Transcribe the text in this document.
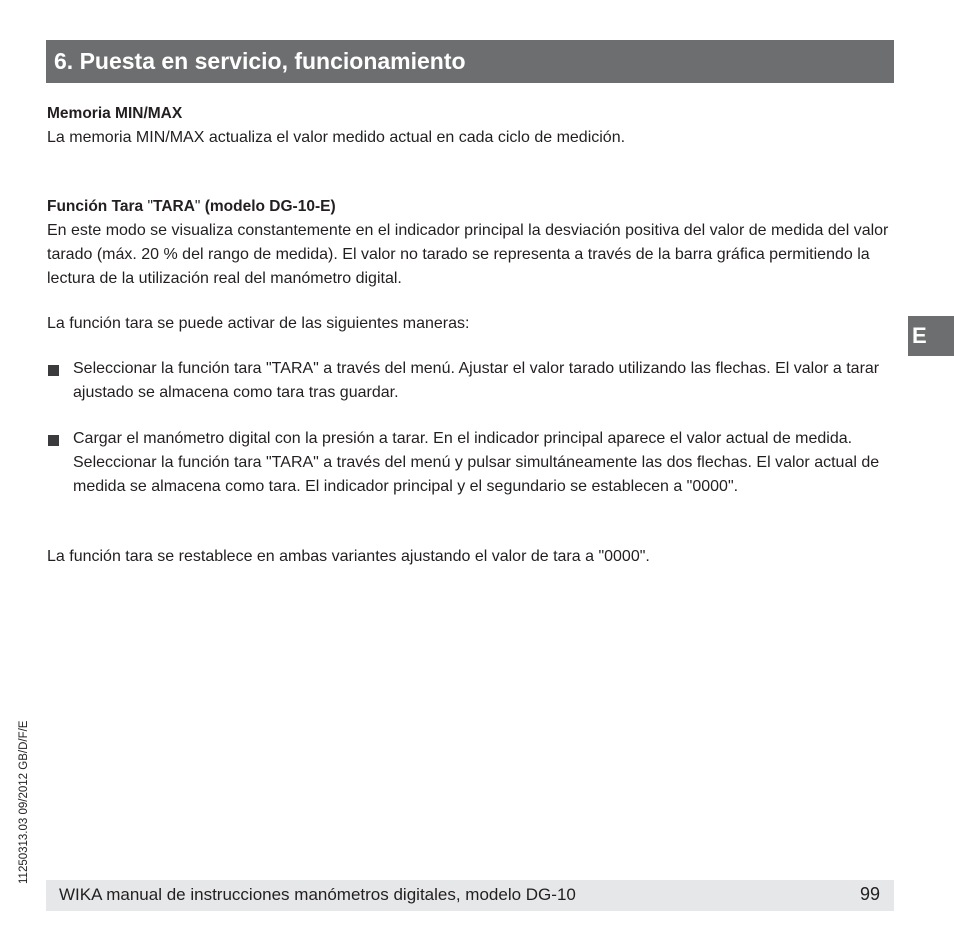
6. Puesta en servicio, funcionamiento
Memoria MIN/MAX

La memoria MIN/MAX actualiza el valor medido actual en cada ciclo de medición.

Función Tara "TARA" (modelo DG-10-E)

En este modo se visualiza constantemente en el indicador principal la desviación positiva del valor de medida del valor tarado (máx. 20 % del rango de medida). El valor no tarado se representa a través de la barra gráfica permitiendo la lectura de la utilización real del manómetro digital.

La función tara se puede activar de las siguientes maneras:
Seleccionar la función tara "TARA" a través del menú. Ajustar el valor tarado utilizando las flechas. El valor a tarar ajustado se almacena como tara tras guardar.
Cargar el manómetro digital con la presión a tarar. En el indicador principal aparece el valor actual de medida. Seleccionar la función tara "TARA" a través del menú y pulsar simultáneamente las dos flechas. El valor actual de medida se almacena como tara. El indicador principal y el segundario se establecen a "0000".
La función tara se restablece en ambas variantes ajustando el valor de tara a "0000".
E
11250313.03 09/2012 GB/D/F/E
WIKA manual de instrucciones manómetros digitales, modelo DG-10	99
